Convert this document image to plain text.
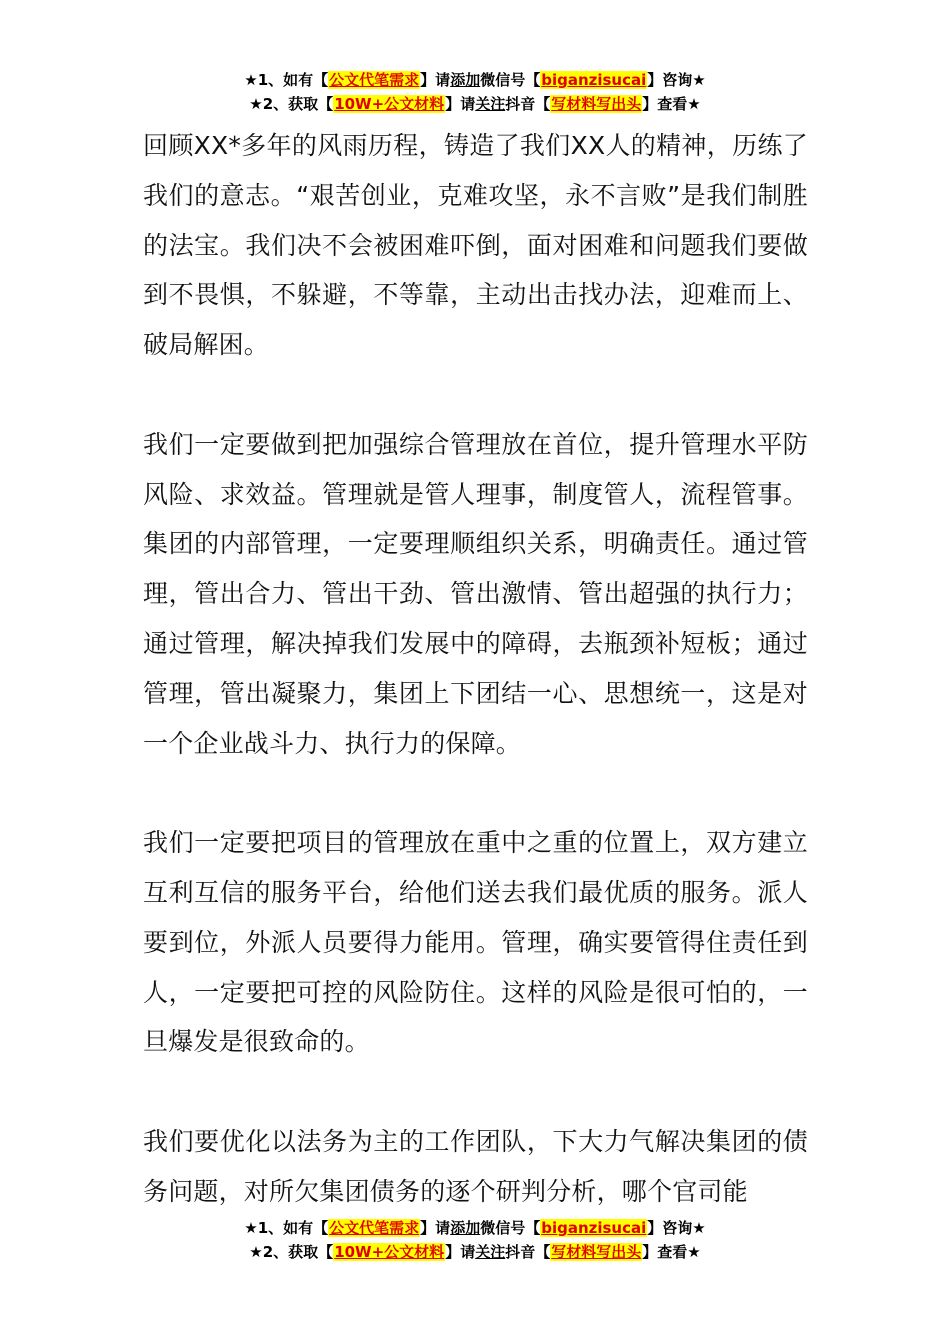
★1、如有【公文代笔需求】请添加微信号【biganzisucai】咨询★
★2、获取【10W+公文材料】请关注抖音【写材料写出头】查看★

回顾XX*多年的风雨历程，铸造了我们XX人的精神，历练了我们的意志。“艰苦创业，克难攻坚，永不言败”是我们制胜的法宝。我们决不会被困难吓倒，面对困难和问题我们要做到不畏惧，不躲避，不等靠，主动出击找办法，迎难而上、破局解困。

我们一定要做到把加强综合管理放在首位，提升管理水平防风险、求效益。管理就是管人理事，制度管人，流程管事。集团的内部管理，一定要理顺组织关系，明确责任。通过管理，管出合力、管出干劲、管出激情、管出超强的执行力；通过管理，解决掉我们发展中的障碍，去瓶颈补短板；通过管理，管出凝聚力，集团上下团结一心、思想统一，这是对一个企业战斗力、执行力的保障。

我们一定要把项目的管理放在重中之重的位置上，双方建立互利互信的服务平台，给他们送去我们最优质的服务。派人要到位，外派人员要得力能用。管理，确实要管得住责任到人，一定要把可控的风险防住。这样的风险是很可怕的，一旦爆发是很致命的。

我们要优化以法务为主的工作团队，下大力气解决集团的债务问题，对所欠集团债务的逐个研判分析，哪个官司能

★1、如有【公文代笔需求】请添加微信号【biganzisucai】咨询★
★2、获取【10W+公文材料】请关注抖音【写材料写出头】查看★
